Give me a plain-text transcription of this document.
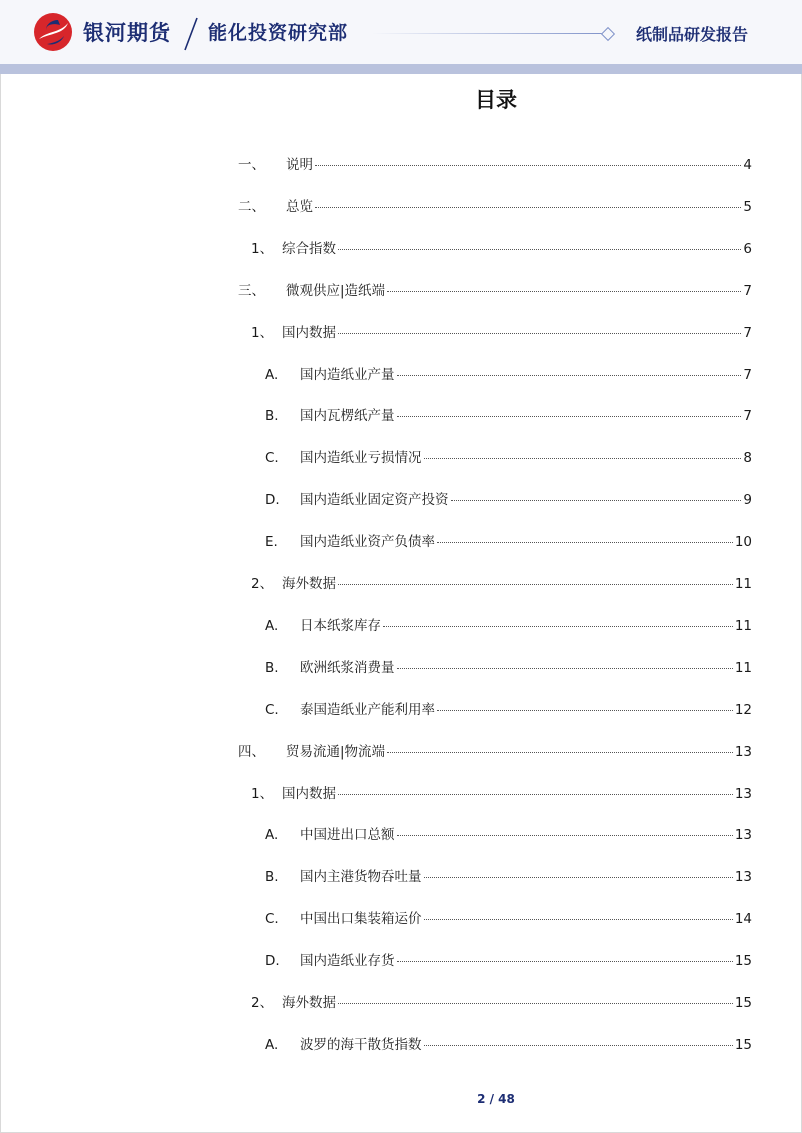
银河期货 能化投资研究部	纸制品研发报告
目录
一、	说明	4
二、	总览	5
1、 综合指数	6
三、	微观供应|造纸端	7
1、 国内数据	7
A.	国内造纸业产量	7
B.	国内瓦楞纸产量	7
C.	国内造纸业亏损情况	8
D.	国内造纸业固定资产投资	9
E.	国内造纸业资产负债率	10
2、 海外数据	11
A.	日本纸浆库存	11
B.	欧洲纸浆消费量	11
C.	泰国造纸业产能利用率	12
四、	贸易流通|物流端	13
1、 国内数据	13
A.	中国进出口总额	13
B.	国内主港货物吞吐量	13
C.	中国出口集装箱运价	14
D.	国内造纸业存货	15
2、 海外数据	15
A.	波罗的海干散货指数	15
2 / 48
